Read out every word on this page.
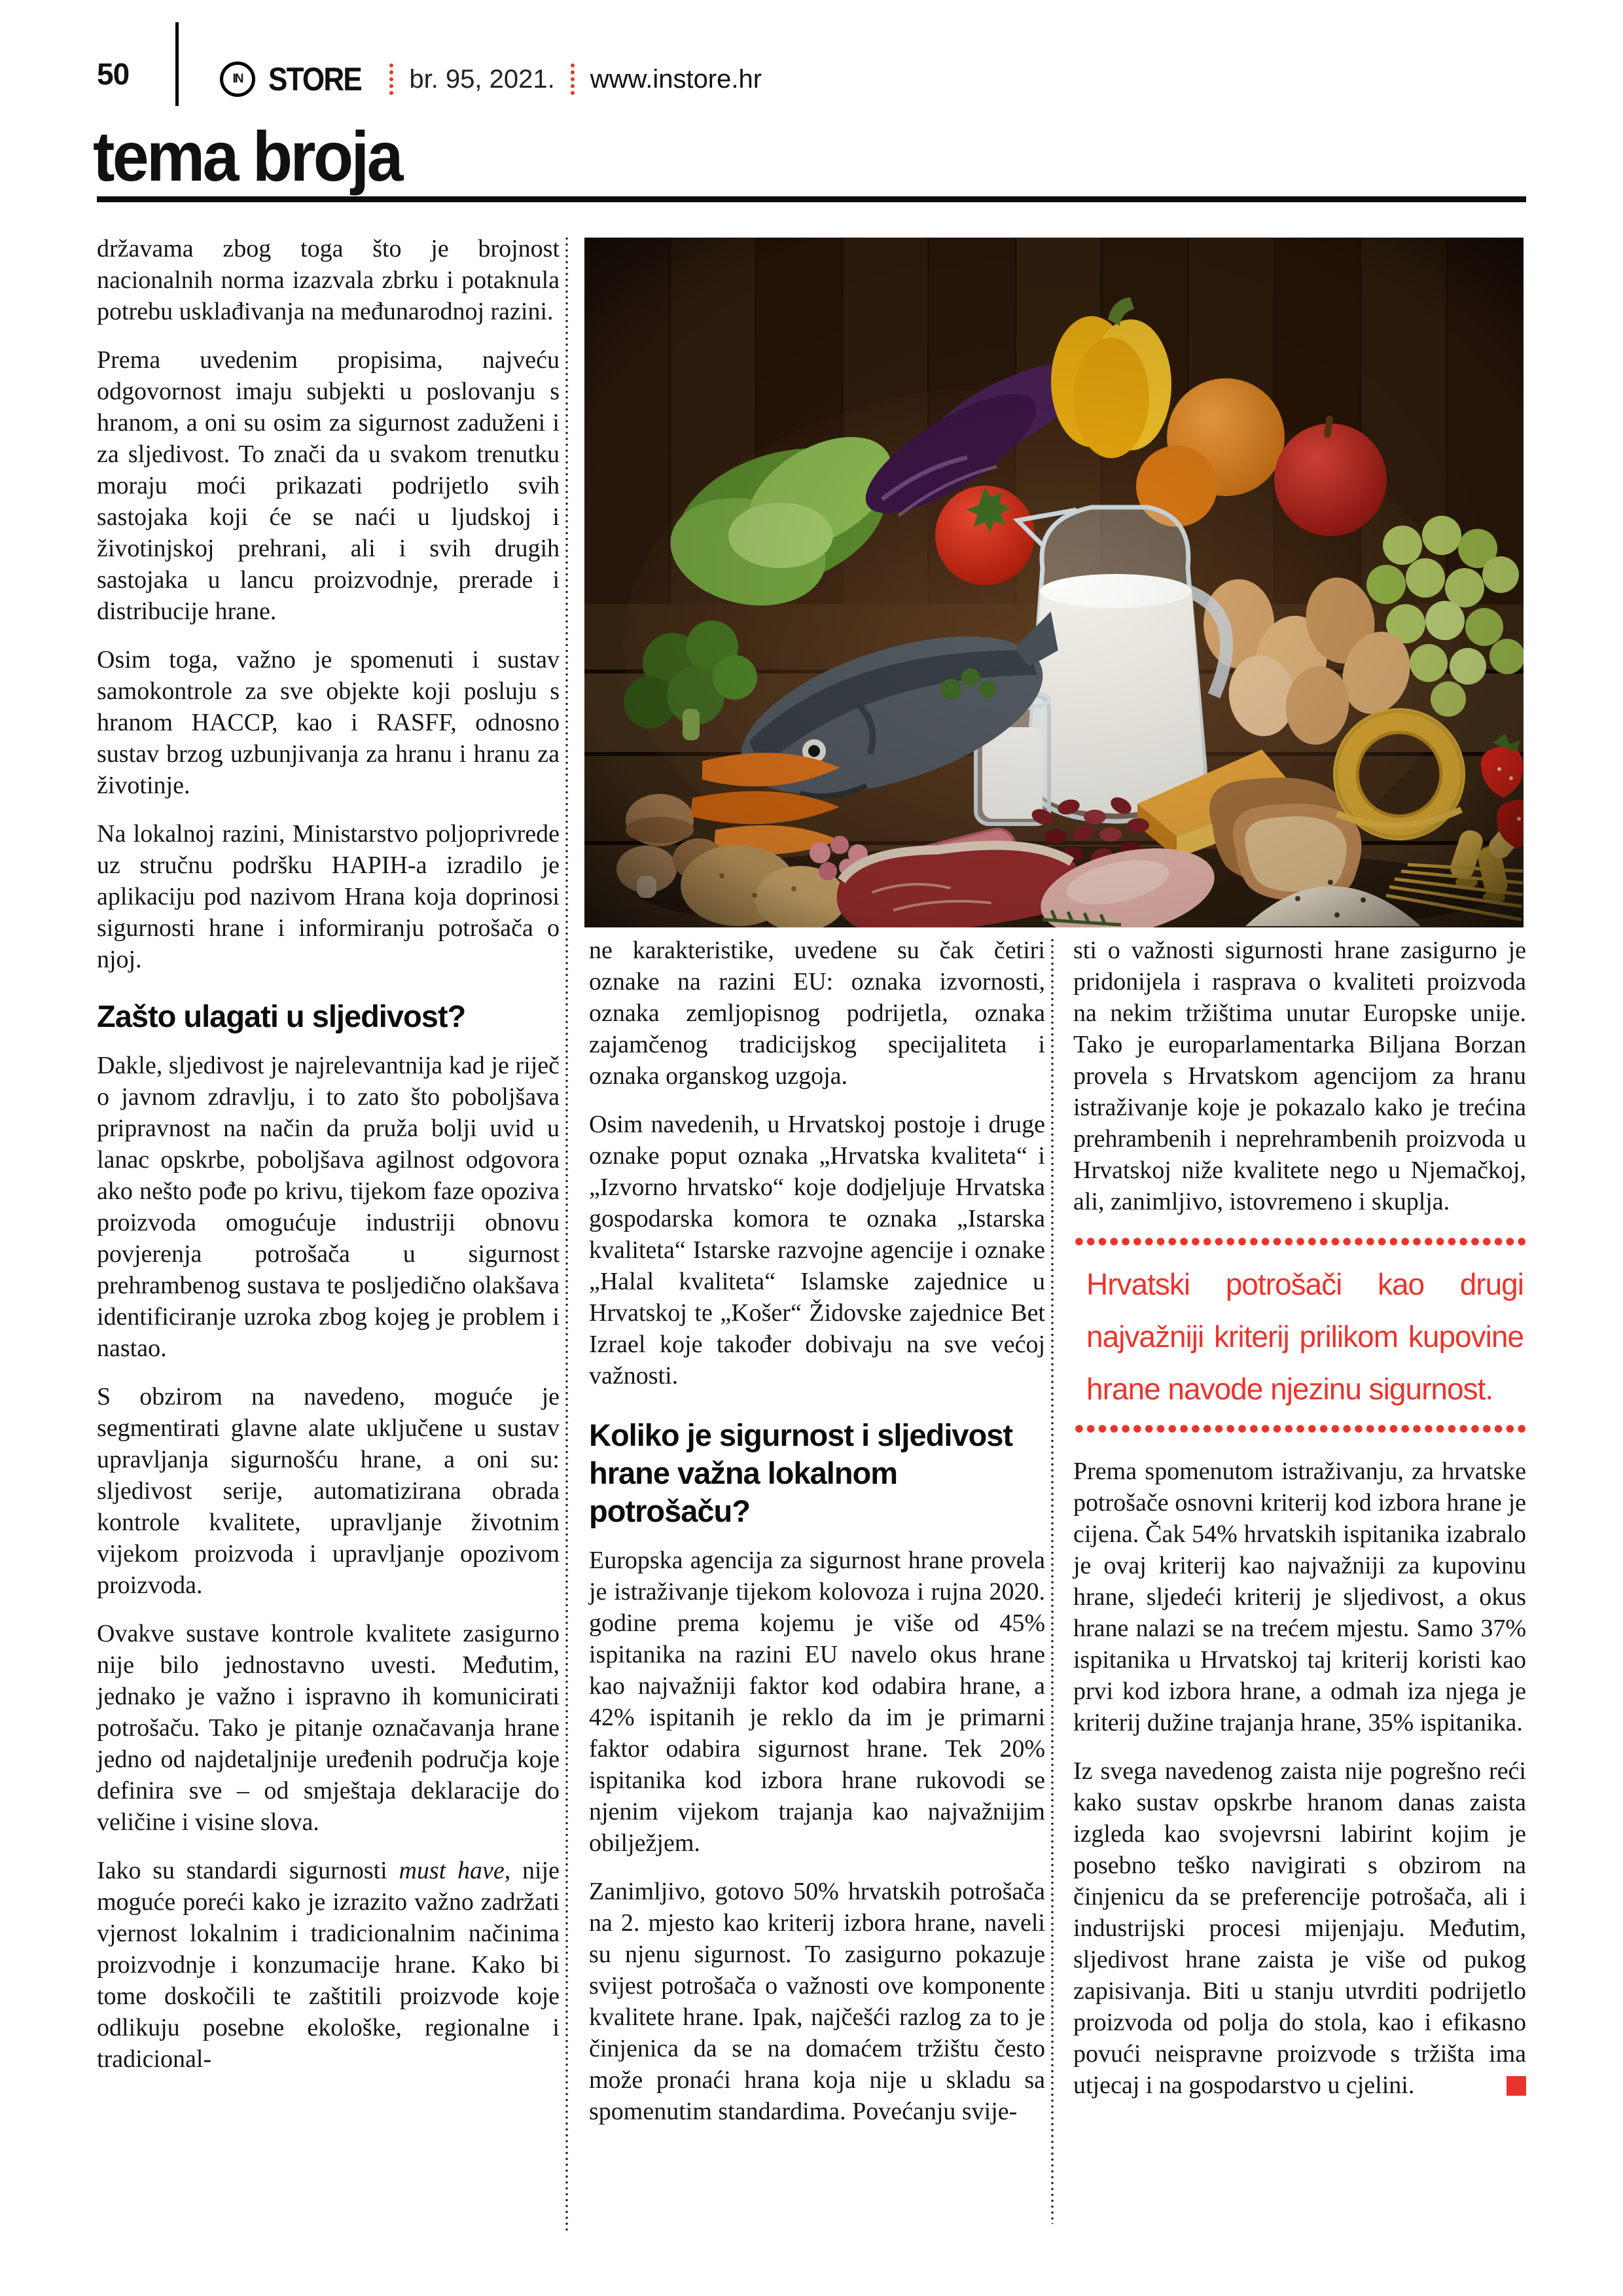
50	IN STORE br. 95, 2021. www.instore.hr
tema broja

državama zbog toga što je brojnost nacionalnih norma izazvala zbrku i potaknula potrebu usklađivanja na međunarodnoj razini.

Prema uvedenim propisima, najveću odgovornost imaju subjekti u poslovanju s hranom, a oni su osim za sigurnost zaduženi i za sljedivost. To znači da u svakom trenutku moraju moći prikazati podrijetlo svih sastojaka koji će se naći u ljudskoj i životinjskoj prehrani, ali i svih drugih sastojaka u lancu proizvodnje, prerade i distribucije hrane.

Osim toga, važno je spomenuti i sustav samokontrole za sve objekte koji posluju s hranom HACCP, kao i RASFF, odnosno sustav brzog uzbunjivanja za hranu i hranu za životinje.

Na lokalnoj razini, Ministarstvo poljoprivrede uz stručnu podršku HAPIH-a izradilo je aplikaciju pod nazivom Hrana koja doprinosi sigurnosti hrane i informiranju potrošača o njoj.

Zašto ulagati u sljedivost?

Dakle, sljedivost je najrelevantnija kad je riječ o javnom zdravlju, i to zato što poboljšava pripravnost na način da pruža bolji uvid u lanac opskrbe, poboljšava agilnost odgovora ako nešto pođe po krivu, tijekom faze opoziva proizvoda omogućuje industriji obnovu povjerenja potrošača u sigurnost prehrambenog sustava te posljedično olakšava identificiranje uzroka zbog kojeg je problem i nastao.

S obzirom na navedeno, moguće je segmentirati glavne alate uključene u sustav upravljanja sigurnošću hrane, a oni su: sljedivost serije, automatizirana obrada kontrole kvalitete, upravljanje životnim vijekom proizvoda i upravljanje opozivom proizvoda.

Ovakve sustave kontrole kvalitete zasigurno nije bilo jednostavno uvesti. Međutim, jednako je važno i ispravno ih komunicirati potrošaču. Tako je pitanje označavanja hrane jedno od najdetaljnije uređenih područja koje definira sve – od smještaja deklaracije do veličine i visine slova.

Iako su standardi sigurnosti must have, nije moguće poreći kako je izrazito važno zadržati vjernost lokalnim i tradicionalnim načinima proizvodnje i konzumacije hrane. Kako bi tome doskočili te zaštitili proizvode koje odlikuju posebne ekološke, regionalne i tradicional-

ne karakteristike, uvedene su čak četiri oznake na razini EU: oznaka izvornosti, oznaka zemljopisnog podrijetla, oznaka zajamčenog tradicijskog specijaliteta i oznaka organskog uzgoja.

Osim navedenih, u Hrvatskoj postoje i druge oznake poput oznaka „Hrvatska kvaliteta“ i „Izvorno hrvatsko“ koje dodjeljuje Hrvatska gospodarska komora te oznaka „Istarska kvaliteta“ Istarske razvojne agencije i oznake „Halal kvaliteta“ Islamske zajednice u Hrvatskoj te „Košer“ Židovske zajednice Bet Izrael koje također dobivaju na sve većoj važnosti.

Koliko je sigurnost i sljedivost hrane važna lokalnom potrošaču?

Europska agencija za sigurnost hrane provela je istraživanje tijekom kolovoza i rujna 2020. godine prema kojemu je više od 45% ispitanika na razini EU navelo okus hrane kao najvažniji faktor kod odabira hrane, a 42% ispitanih je reklo da im je primarni faktor odabira sigurnost hrane. Tek 20% ispitanika kod izbora hrane rukovodi se njenim vijekom trajanja kao najvažnijim obilježjem.

Zanimljivo, gotovo 50% hrvatskih potrošača na 2. mjesto kao kriterij izbora hrane, naveli su njenu sigurnost. To zasigurno pokazuje svijest potrošača o važnosti ove komponente kvalitete hrane. Ipak, najčešći razlog za to je činjenica da se na domaćem tržištu često može pronaći hrana koja nije u skladu sa spomenutim standardima. Povećanju svije-

sti o važnosti sigurnosti hrane zasigurno je pridonijela i rasprava o kvaliteti proizvoda na nekim tržištima unutar Europske unije. Tako je europarlamentarka Biljana Borzan provela s Hrvatskom agencijom za hranu istraživanje koje je pokazalo kako je trećina prehrambenih i neprehrambenih proizvoda u Hrvatskoj niže kvalitete nego u Njemačkoj, ali, zanimljivo, istovremeno i skuplja.

Hrvatski potrošači kao drugi najvažniji kriterij prilikom kupovine hrane navode njezinu sigurnost.

Prema spomenutom istraživanju, za hrvatske potrošače osnovni kriterij kod izbora hrane je cijena. Čak 54% hrvatskih ispitanika izabralo je ovaj kriterij kao najvažniji za kupovinu hrane, sljedeći kriterij je sljedivost, a okus hrane nalazi se na trećem mjestu. Samo 37% ispitanika u Hrvatskoj taj kriterij koristi kao prvi kod izbora hrane, a odmah iza njega je kriterij dužine trajanja hrane, 35% ispitanika.

Iz svega navedenog zaista nije pogrešno reći kako sustav opskrbe hranom danas zaista izgleda kao svojevrsni labirint kojim je posebno teško navigirati s obzirom na činjenicu da se preferencije potrošača, ali i industrijski procesi mijenjaju. Međutim, sljedivost hrane zaista je više od pukog zapisivanja. Biti u stanju utvrditi podrijetlo proizvoda od polja do stola, kao i efikasno povući neispravne proizvode s tržišta ima utjecaj i na gospodarstvo u cjelini.
